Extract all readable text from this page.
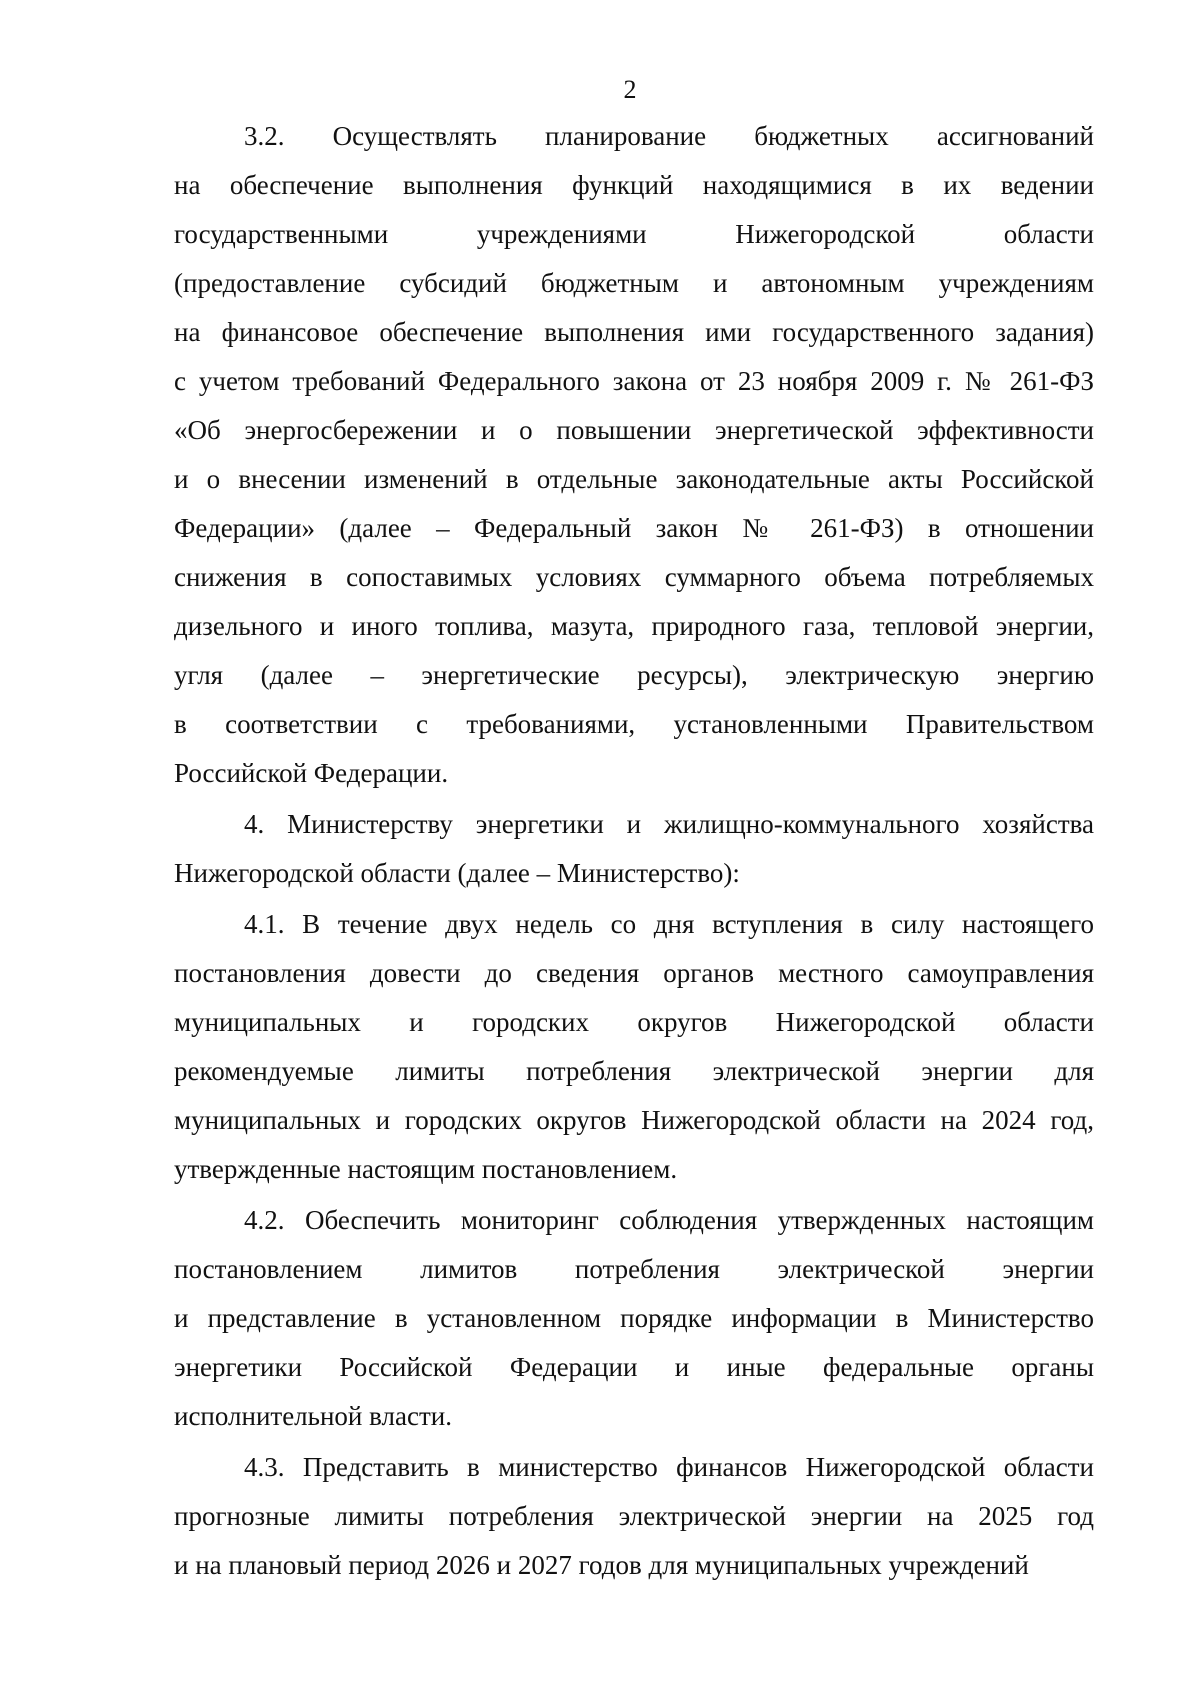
2
3.2. Осуществлять планирование бюджетных ассигнований
на обеспечение выполнения функций находящимися в их ведении
государственными учреждениями Нижегородской области
(предоставление субсидий бюджетным и автономным учреждениям
на финансовое обеспечение выполнения ими государственного задания)
с учетом требований Федерального закона от 23 ноября 2009 г. № 261-ФЗ
«Об энергосбережении и о повышении энергетической эффективности
и о внесении изменений в отдельные законодательные акты Российской
Федерации» (далее – Федеральный закон № 261-ФЗ) в отношении
снижения в сопоставимых условиях суммарного объема потребляемых
дизельного и иного топлива, мазута, природного газа, тепловой энергии,
угля (далее – энергетические ресурсы), электрическую энергию
в соответствии с требованиями, установленными Правительством
Российской Федерации.
4. Министерству энергетики и жилищно-коммунального хозяйства
Нижегородской области (далее – Министерство):
4.1. В течение двух недель со дня вступления в силу настоящего
постановления довести до сведения органов местного самоуправления
муниципальных и городских округов Нижегородской области
рекомендуемые лимиты потребления электрической энергии для
муниципальных и городских округов Нижегородской области на 2024 год,
утвержденные настоящим постановлением.
4.2. Обеспечить мониторинг соблюдения утвержденных настоящим
постановлением лимитов потребления электрической энергии
и представление в установленном порядке информации в Министерство
энергетики Российской Федерации и иные федеральные органы
исполнительной власти.
4.3. Представить в министерство финансов Нижегородской области
прогнозные лимиты потребления электрической энергии на 2025 год
и на плановый период 2026 и 2027 годов для муниципальных учреждений
